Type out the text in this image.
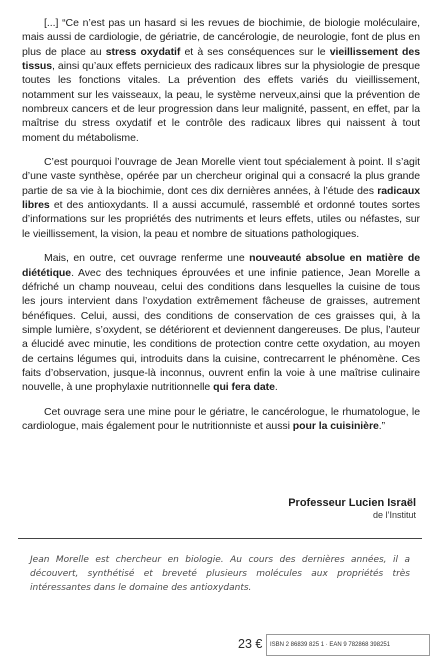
[...] “Ce n’est pas un hasard si les revues de biochimie, de biologie moléculaire, mais aussi de cardiologie, de gériatrie, de cancérologie, de neurologie, font de plus en plus de place au stress oxydatif et à ses conséquences sur le vieillissement des tissus, ainsi qu’aux effets pernicieux des radicaux libres sur la physiologie de presque toutes les fonctions vitales. La prévention des effets variés du vieillissement, notamment sur les vaisseaux, la peau, le système nerveux,ainsi que la prévention de nombreux cancers et de leur progression dans leur malignité, passent, en effet, par la maîtrise du stress oxydatif et le contrôle des radicaux libres qui naissent à tout moment du métabolisme.

C’est pourquoi l’ouvrage de Jean Morelle vient tout spécialement à point. Il s’agit d’une vaste synthèse, opérée par un chercheur original qui a consacré la plus grande partie de sa vie à la biochimie, dont ces dix dernières années, à l’étude des radicaux libres et des antioxydants. Il a aussi accumulé, rassemblé et ordonné toutes sortes d’informations sur les propriétés des nutriments et leurs effets, utiles ou néfastes, sur le vieillissement, la vision, la peau et nombre de situations pathologiques.

Mais, en outre, cet ouvrage renferme une nouveauté absolue en matière de diététique. Avec des techniques éprouvées et une infinie patience, Jean Morelle a défriché un champ nouveau, celui des conditions dans lesquelles la cuisine de tous les jours intervient dans l’oxydation extrêmement fâcheuse de graisses, autrement bénéfiques. Celui, aussi, des conditions de conservation de ces graisses qui, à la simple lumière, s’oxydent, se détériorent et deviennent dangereuses. De plus, l’auteur a élucidé avec minutie, les conditions de protection contre cette oxydation, au moyen de certains légumes qui, introduits dans la cuisine, contrecarrent le phénomène. Ces faits d’observation, jusque-là inconnus, ouvrent enfin la voie à une maîtrise culinaire nouvelle, à une prophylaxie nutritionnelle qui fera date.

Cet ouvrage sera une mine pour le gériatre, le cancérologue, le rhumatologue, le cardiologue, mais également pour le nutritionniste et aussi pour la cuisinière.”

Professeur Lucien Israël
de l’Institut
Jean Morelle est chercheur en biologie. Au cours des dernières années, il a découvert, synthétisé et breveté plusieurs molécules aux propriétés très intéressantes dans le domaine des antioxydants.
23 € ISBN 2 86839 825 1 · EAN 9 782868 398251
